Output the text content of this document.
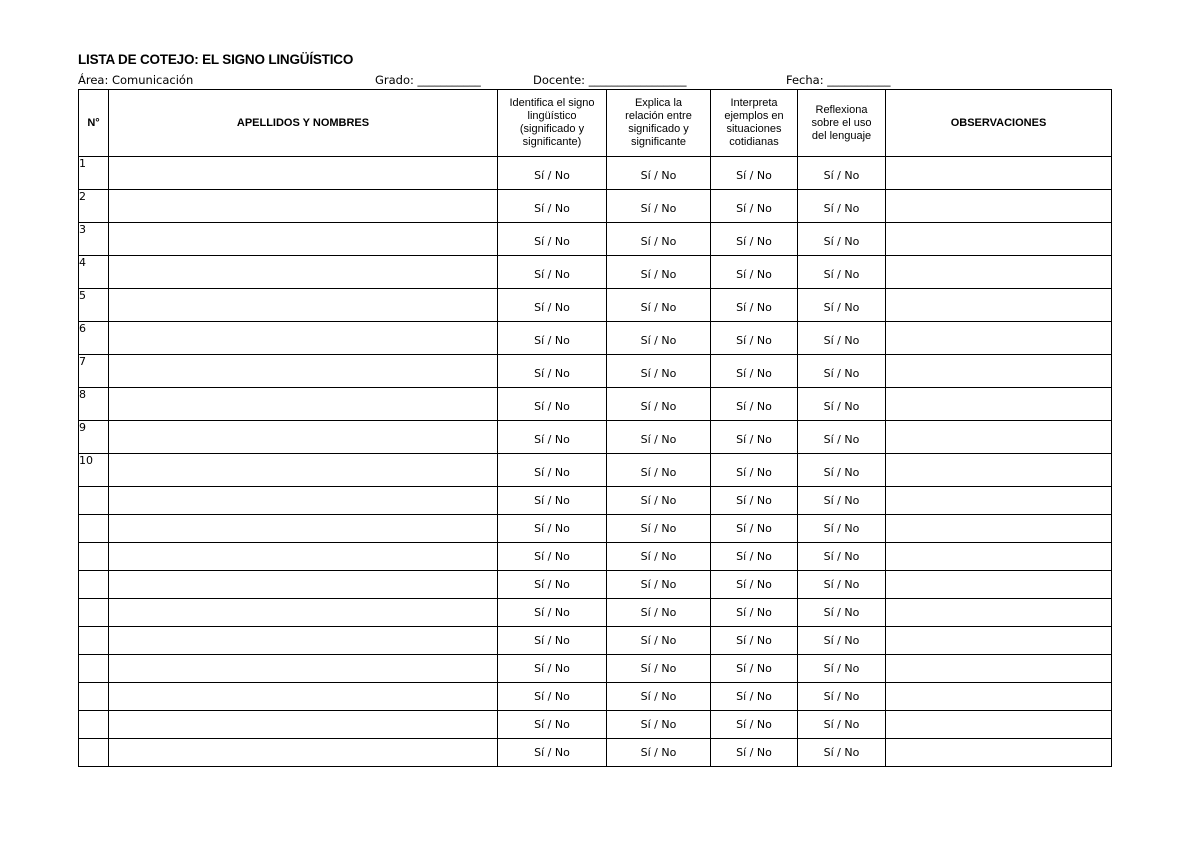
LISTA DE COTEJO: EL SIGNO LINGÜÍSTICO
Área: Comunicación	Grado: ___________	Docente: _________________	Fecha: ___________
N°	APELLIDOS Y NOMBRES	Identifica el signo lingüístico (significado y significante)	Explica la relación entre significado y significante	Interpreta ejemplos en situaciones cotidianas	Reflexiona sobre el uso del lenguaje	OBSERVACIONES
1		Sí / No	Sí / No	Sí / No	Sí / No	
2		Sí / No	Sí / No	Sí / No	Sí / No	
3		Sí / No	Sí / No	Sí / No	Sí / No	
4		Sí / No	Sí / No	Sí / No	Sí / No	
5		Sí / No	Sí / No	Sí / No	Sí / No	
6		Sí / No	Sí / No	Sí / No	Sí / No	
7		Sí / No	Sí / No	Sí / No	Sí / No	
8		Sí / No	Sí / No	Sí / No	Sí / No	
9		Sí / No	Sí / No	Sí / No	Sí / No	
10		Sí / No	Sí / No	Sí / No	Sí / No	
		Sí / No	Sí / No	Sí / No	Sí / No	
		Sí / No	Sí / No	Sí / No	Sí / No	
		Sí / No	Sí / No	Sí / No	Sí / No	
		Sí / No	Sí / No	Sí / No	Sí / No	
		Sí / No	Sí / No	Sí / No	Sí / No	
		Sí / No	Sí / No	Sí / No	Sí / No	
		Sí / No	Sí / No	Sí / No	Sí / No	
		Sí / No	Sí / No	Sí / No	Sí / No	
		Sí / No	Sí / No	Sí / No	Sí / No	
		Sí / No	Sí / No	Sí / No	Sí / No	
